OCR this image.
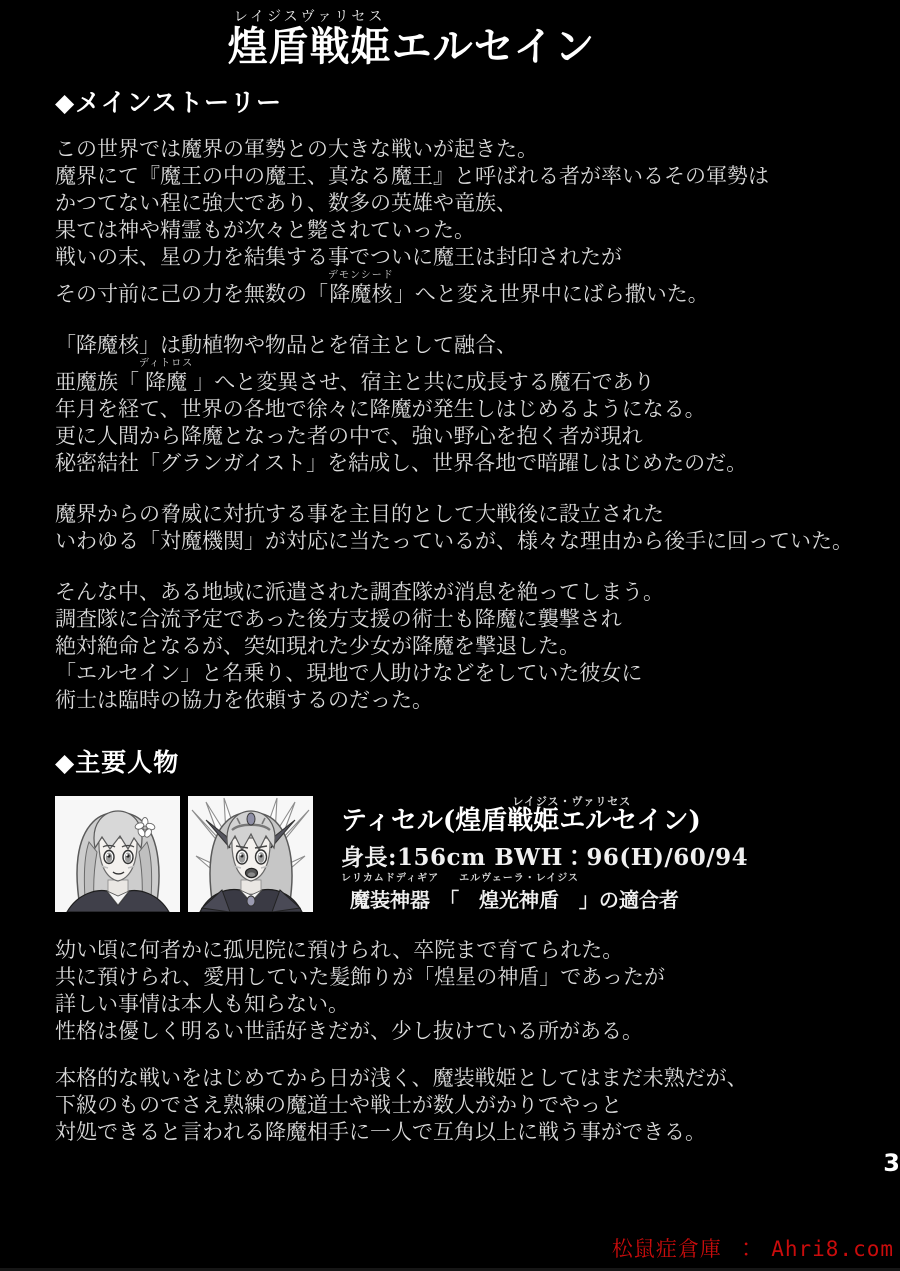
レイジスヴァリセス
煌盾戦姫 エルセイン
◆メインストーリー
この世界では魔界の軍勢との大きな戦いが起きた。
魔界にて『魔王の中の魔王、真なる魔王』と呼ばれる者が率いるその軍勢は
かつてない程に強大であり、数多の英雄や竜族、
果ては神や精霊もが次々と斃されていった。
戦いの末、星の力を結集する事でついに魔王は封印されたが
その寸前に己の力を無数の「
デモンシード
降魔核 」へと変え世界中にばら撒いた。
「降魔核」は動植物や物品とを宿主として融合、
亜魔族「
ディトロス
降魔 」へと変異させ、宿主と共に成長する魔石であり
年月を経て、世界の各地で徐々に降魔が発生しはじめるようになる。
更に人間から降魔となった者の中で、強い野心を抱く者が現れ
秘密結社「グランガイスト」を結成し、世界各地で暗躍しはじめたのだ。
魔界からの脅威に対抗する事を主目的として大戦後に設立された
いわゆる「対魔機関」が対応に当たっているが、様々な理由から後手に回っていた。
そんな中、ある地域に派遣された調査隊が消息を絶ってしまう。
調査隊に合流予定であった後方支援の術士も降魔に襲撃され
絶対絶命となるが、突如現れた少女が降魔を撃退した。
「エルセイン」と名乗り、現地で人助けなどをしていた彼女に
術士は臨時の協力を依頼するのだった。
◆主要人物
ティセル(
レイジス・ヴァリセス
煌盾戦姫エルセイン )
身長:156cm BWH：96(H)/60/94
レリカムドディギア
魔装神器 「
エルヴェーラ・レイジス
煌光神盾 」の適合者
幼い頃に何者かに孤児院に預けられ、卒院まで育てられた。
共に預けられ、愛用していた髪飾りが「煌星の神盾」であったが
詳しい事情は本人も知らない。
性格は優しく明るい世話好きだが、少し抜けている所がある。
本格的な戦いをはじめてから日が浅く、魔装戦姫としてはまだ未熟だが、
下級のものでさえ熟練の魔道士や戦士が数人がかりでやっと
対処できると言われる降魔相手に一人で互角以上に戦う事ができる。
3
松鼠症倉庫 ： Ahri8.com
